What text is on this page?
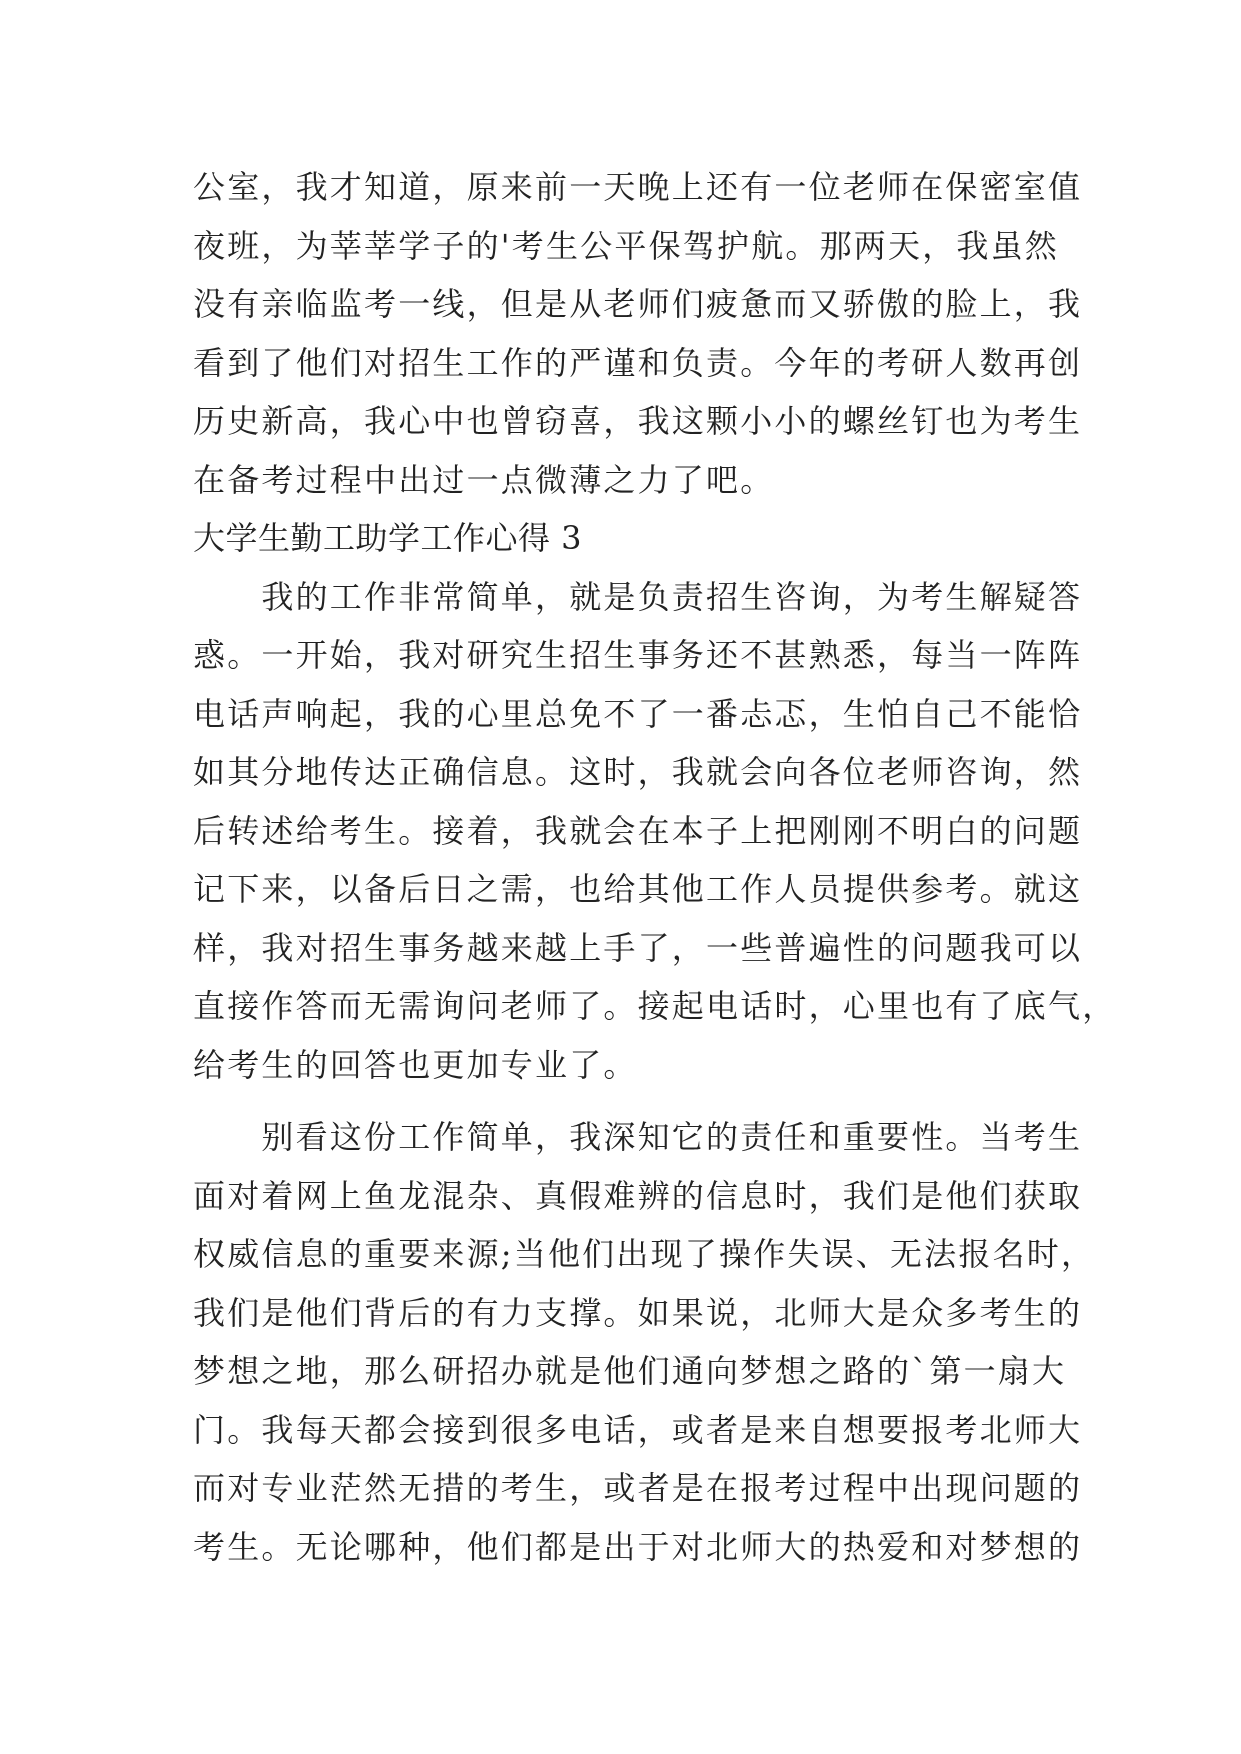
公室，我才知道，原来前一天晚上还有一位老师在保密室值
夜班，为莘莘学子的'考生公平保驾护航。那两天，我虽然
没有亲临监考一线，但是从老师们疲惫而又骄傲的脸上，我
看到了他们对招生工作的严谨和负责。今年的考研人数再创
历史新高，我心中也曾窃喜，我这颗小小的螺丝钉也为考生
在备考过程中出过一点微薄之力了吧。

大学生勤工助学工作心得 3

　　我的工作非常简单，就是负责招生咨询，为考生解疑答
惑。一开始，我对研究生招生事务还不甚熟悉，每当一阵阵
电话声响起，我的心里总免不了一番忐忑，生怕自己不能恰
如其分地传达正确信息。这时，我就会向各位老师咨询，然
后转述给考生。接着，我就会在本子上把刚刚不明白的问题
记下来，以备后日之需，也给其他工作人员提供参考。就这
样，我对招生事务越来越上手了，一些普遍性的问题我可以
直接作答而无需询问老师了。接起电话时，心里也有了底气，
给考生的回答也更加专业了。

　　别看这份工作简单，我深知它的责任和重要性。当考生
面对着网上鱼龙混杂、真假难辨的信息时，我们是他们获取
权威信息的重要来源;当他们出现了操作失误、无法报名时，
我们是他们背后的有力支撑。如果说，北师大是众多考生的
梦想之地，那么研招办就是他们通向梦想之路的`第一扇大
门。我每天都会接到很多电话，或者是来自想要报考北师大
而对专业茫然无措的考生，或者是在报考过程中出现问题的
考生。无论哪种，他们都是出于对北师大的热爱和对梦想的
